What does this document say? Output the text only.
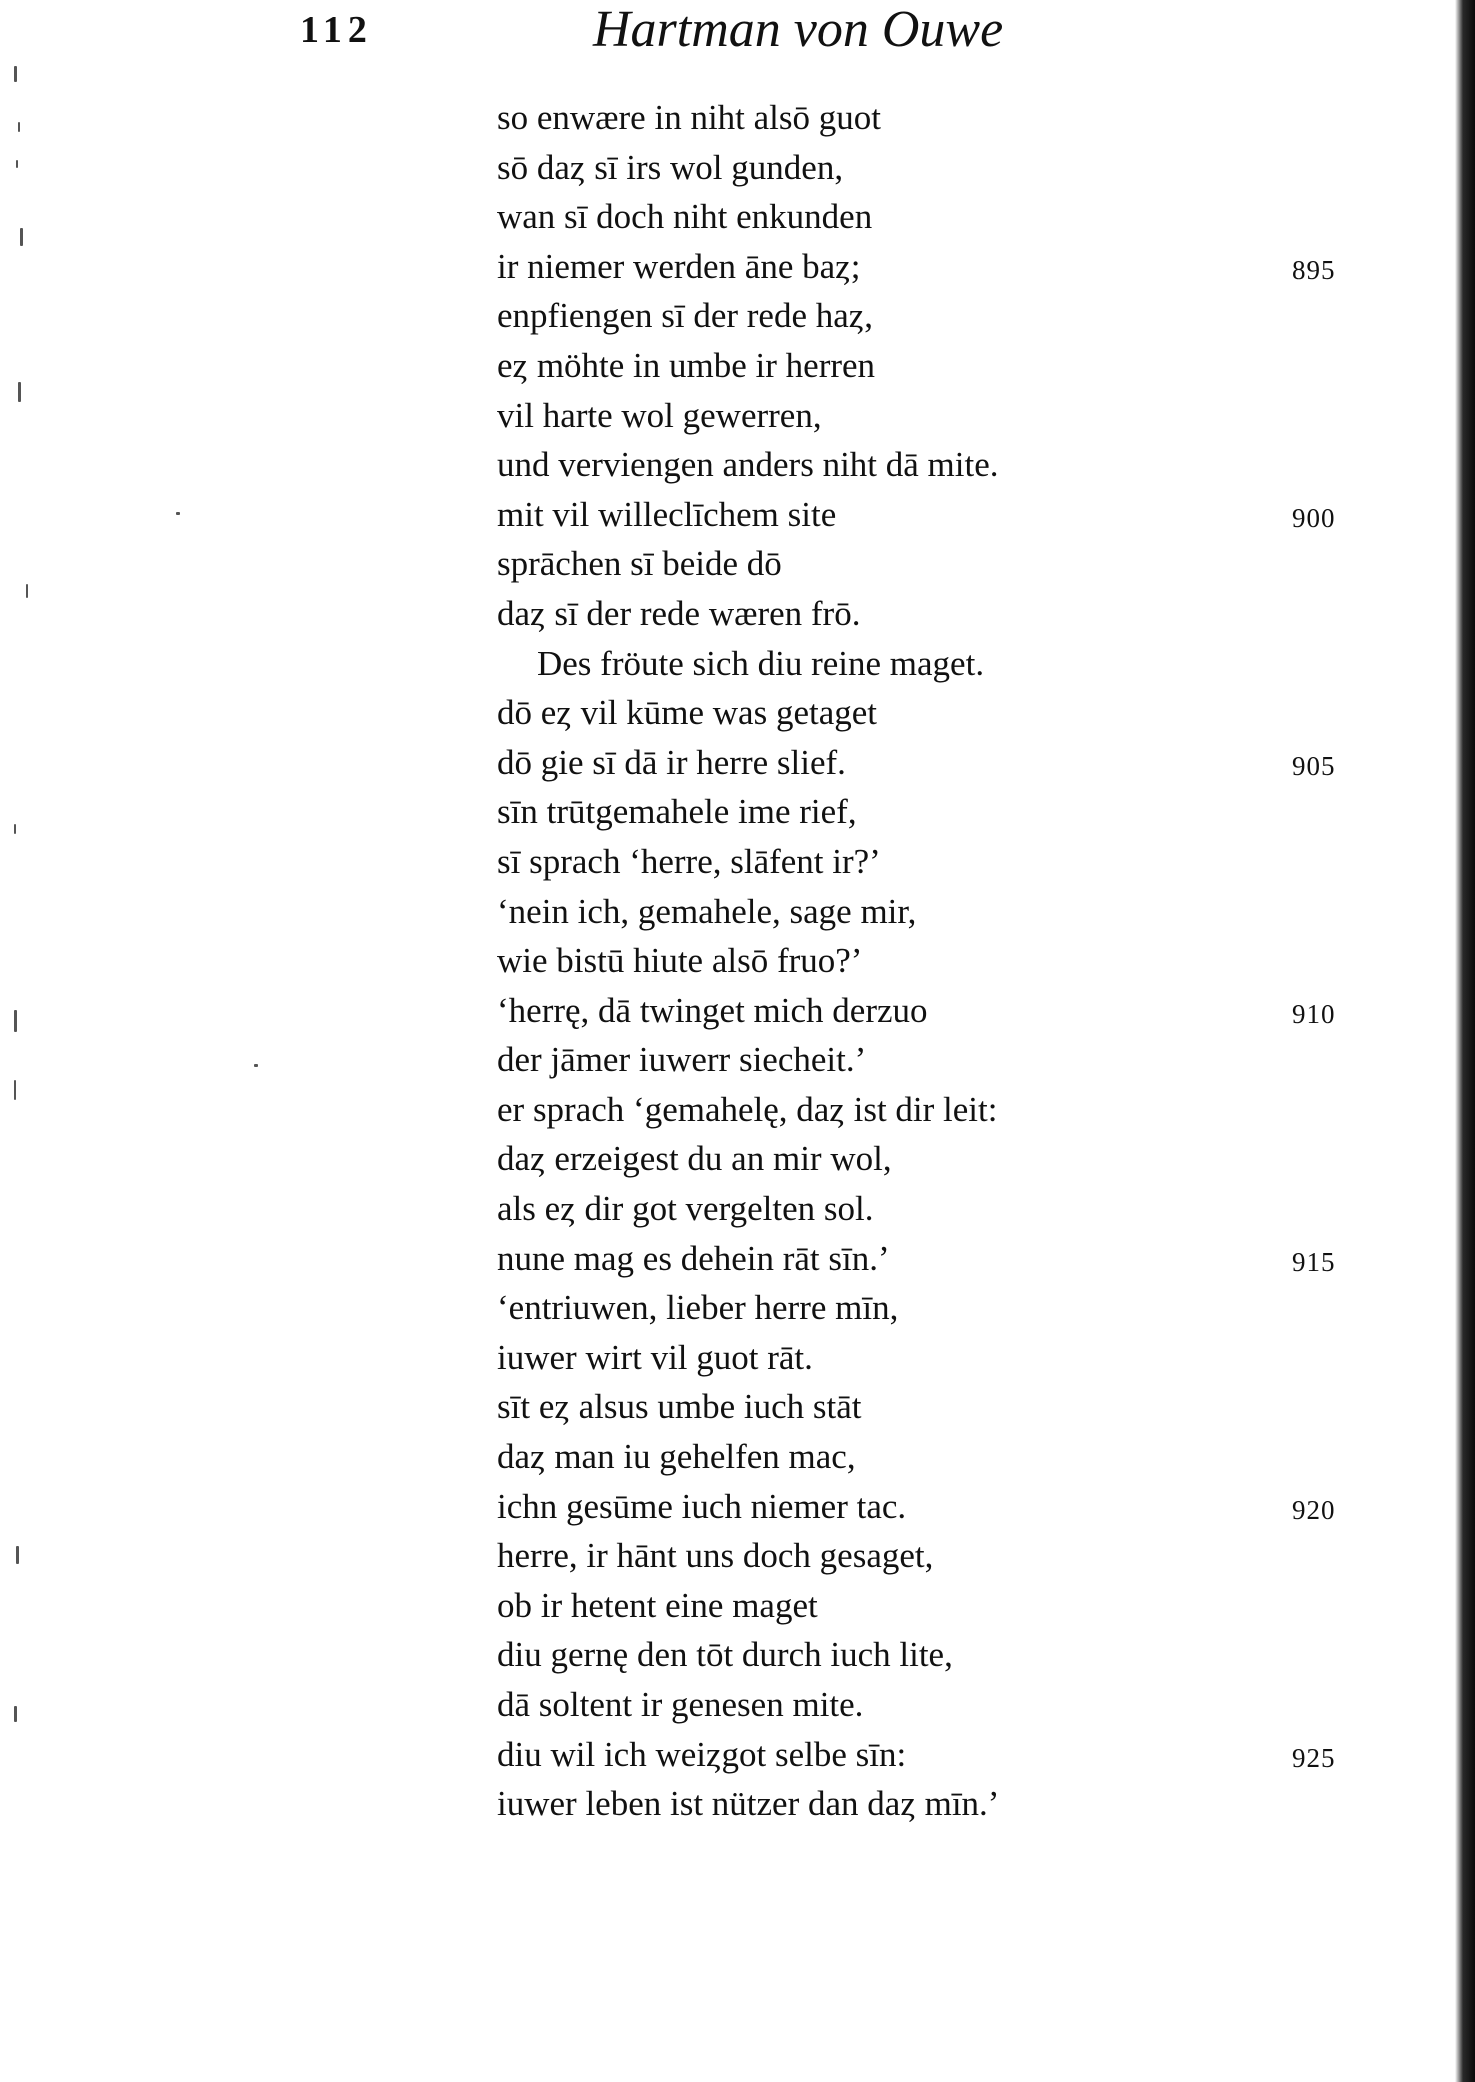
112	Hartman von Ouwe
so enwære in niht alsō guot
sō daȥ sī irs wol gunden,
wan sī doch niht enkunden
ir niemer werden āne baȥ;	895
enpfiengen sī der rede haȥ,
eȥ möhte in umbe ir herren
vil harte wol gewerren,
und verviengen anders niht dā mite.
mit vil willeclīchem site	900
sprāchen sī beide dō
daȥ sī der rede wæren frō.
Des fröute sich diu reine maget.
dō eȥ vil kūme was getaget
dō gie sī dā ir herre slief.	905
sīn trūtgemahele ime rief,
sī sprach ‘herre, slāfent ir?’
‘nein ich, gemahele, sage mir,
wie bistū hiute alsō fruo?’
‘herrę, dā twinget mich derzuo	910
der jāmer iuwerr siecheit.’
er sprach ‘gemahelę, daȥ ist dir leit:
daȥ erzeigest du an mir wol,
als eȥ dir got vergelten sol.
nune mag es dehein rāt sīn.’	915
‘entriuwen, lieber herre mīn,
iuwer wirt vil guot rāt.
sīt eȥ alsus umbe iuch stāt
daȥ man iu gehelfen mac,
ichn gesūme iuch niemer tac.	920
herre, ir hānt uns doch gesaget,
ob ir hetent eine maget
diu gernę den tōt durch iuch lite,
dā soltent ir genesen mite.
diu wil ich weiȥgot selbe sīn:	925
iuwer leben ist nützer dan daȥ mīn.’
